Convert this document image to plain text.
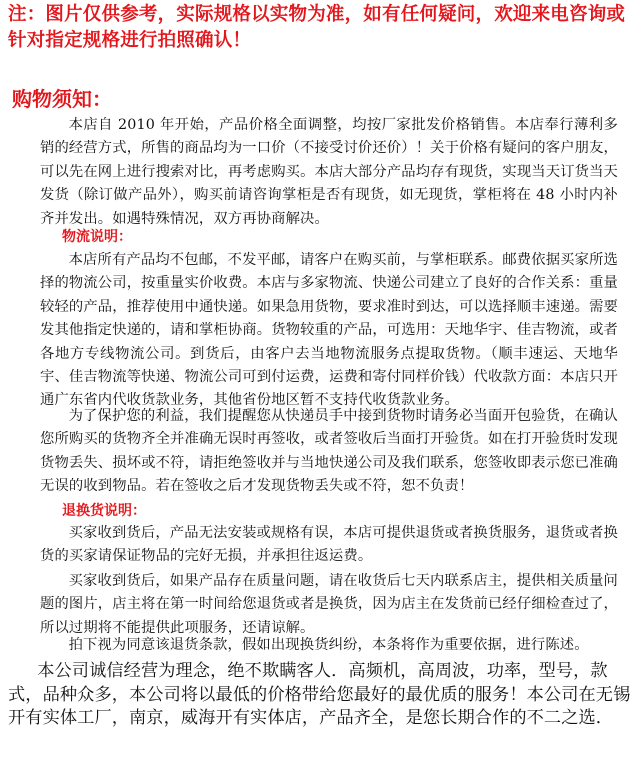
注：图片仅供参考，实际规格以实物为准，如有任何疑问，欢迎来电咨询或针对指定规格进行拍照确认！
购物须知：

本店自 2010 年开始，产品价格全面调整，均按厂家批发价格销售。本店奉行薄利多销的经营方式，所售的商品均为一口价（不接受讨价还价）！关于价格有疑问的客户朋友，可以先在网上进行搜索对比，再考虑购买。本店大部分产品均存有现货，实现当天订货当天发货（除订做产品外），购买前请咨询掌柜是否有现货，如无现货，掌柜将在 48 小时内补齐并发出。如遇特殊情况，双方再协商解决。

物流说明：

本店所有产品均不包邮，不发平邮，请客户在购买前，与掌柜联系。邮费依据买家所选择的物流公司，按重量实价收费。本店与多家物流、快递公司建立了良好的合作关系：重量较轻的产品，推荐使用中通快递。如果急用货物，要求准时到达，可以选择顺丰速递。需要发其他指定快递的，请和掌柜协商。货物较重的产品，可选用：天地华宇、佳吉物流，或者各地方专线物流公司。到货后，由客户去当地物流服务点提取货物。（顺丰速运、天地华宇、佳吉物流等快递、物流公司可到付运费，运费和寄付同样价钱）代收款方面：本店只开通广东省内代收货款业务，其他省份地区暂不支持代收货款业务。

为了保护您的利益，我们提醒您从快递员手中接到货物时请务必当面开包验货，在确认您所购买的货物齐全并准确无误时再签收，或者签收后当面打开验货。如在打开验货时发现货物丢失、损坏或不符，请拒绝签收并与当地快递公司及我们联系，您签收即表示您已准确无误的收到物品。若在签收之后才发现货物丢失或不符，恕不负责！

退换货说明：

买家收到货后，产品无法安装或规格有误，本店可提供退货或者换货服务，退货或者换货的买家请保证物品的完好无损，并承担往返运费。

买家收到货后，如果产品存在质量问题，请在收货后七天内联系店主，提供相关质量问题的图片，店主将在第一时间给您退货或者是换货，因为店主在发货前已经仔细检查过了，所以过期将不能提供此项服务，还请谅解。

拍下视为同意该退货条款，假如出现换货纠纷，本条将作为重要依据，进行陈述。

本公司诚信经营为理念，绝不欺瞒客人．高频机，高周波，功率，型号，款式，品种众多，本公司将以最低的价格带给您最好的最优质的服务！本公司在无锡开有实体工厂，南京，威海开有实体店，产品齐全，是您长期合作的不二之选．
